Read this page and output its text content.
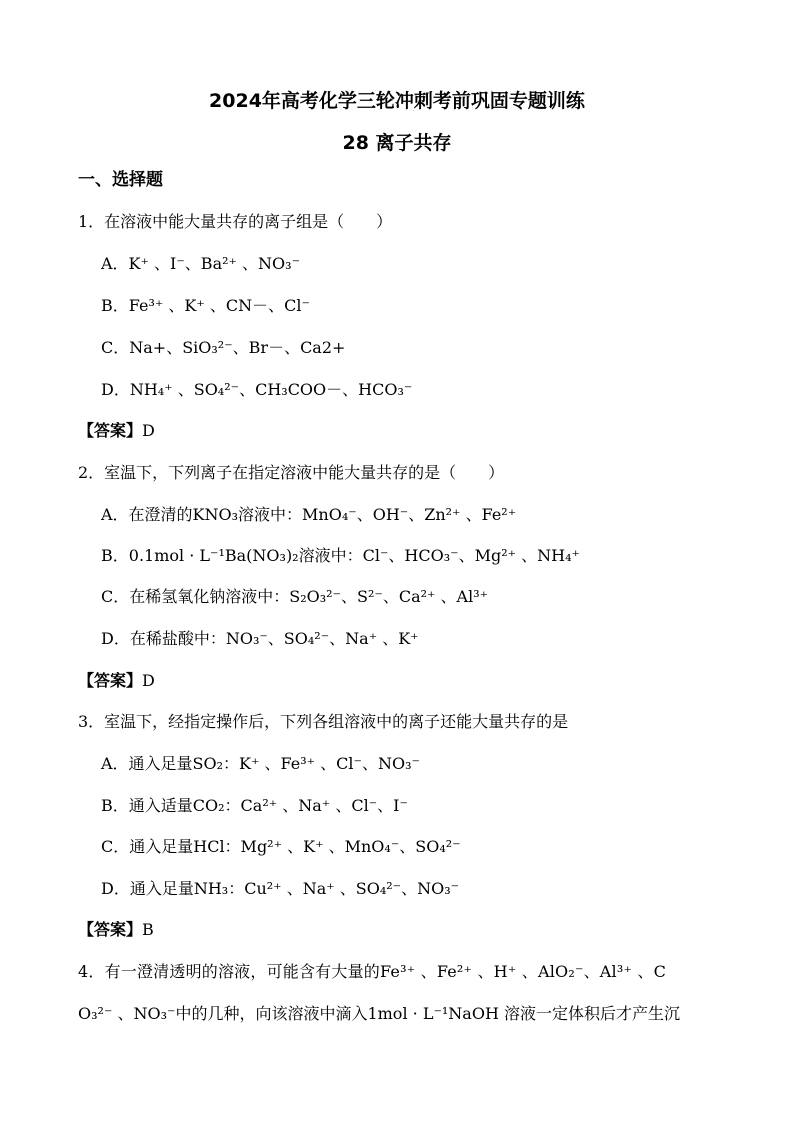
2024年高考化学三轮冲刺考前巩固专题训练
28 离子共存
一、选择题
1．在溶液中能大量共存的离子组是（　　）
A．K⁺ 、I⁻、Ba²⁺ 、NO₃⁻
B．Fe³⁺ 、K⁺ 、CN－、Cl⁻
C．Na+、SiO₃²⁻、Br－、Ca2+
D．NH₄⁺ 、SO₄²⁻、CH₃COO－、HCO₃⁻
【答案】D
2．室温下，下列离子在指定溶液中能大量共存的是（　　）
A．在澄清的KNO₃溶液中：MnO₄⁻、OH⁻、Zn²⁺ 、Fe²⁺
B．0.1mol · L⁻¹Ba(NO₃)₂溶液中：Cl⁻、HCO₃⁻、Mg²⁺ 、NH₄⁺
C．在稀氢氧化钠溶液中：S₂O₃²⁻、S²⁻、Ca²⁺ 、Al³⁺
D．在稀盐酸中：NO₃⁻、SO₄²⁻、Na⁺ 、K⁺
【答案】D
3．室温下，经指定操作后，下列各组溶液中的离子还能大量共存的是
A．通入足量SO₂：K⁺ 、Fe³⁺ 、Cl⁻、NO₃⁻
B．通入适量CO₂：Ca²⁺ 、Na⁺ 、Cl⁻、I⁻
C．通入足量HCl：Mg²⁺ 、K⁺ 、MnO₄⁻、SO₄²⁻
D．通入足量NH₃：Cu²⁺ 、Na⁺ 、SO₄²⁻、NO₃⁻
【答案】B
4．有一澄清透明的溶液，可能含有大量的Fe³⁺ 、Fe²⁺ 、H⁺ 、AlO₂⁻、Al³⁺ 、C
O₃²⁻ 、NO₃⁻中的几种，向该溶液中滴入1mol · L⁻¹NaOH 溶液一定体积后才产生沉
